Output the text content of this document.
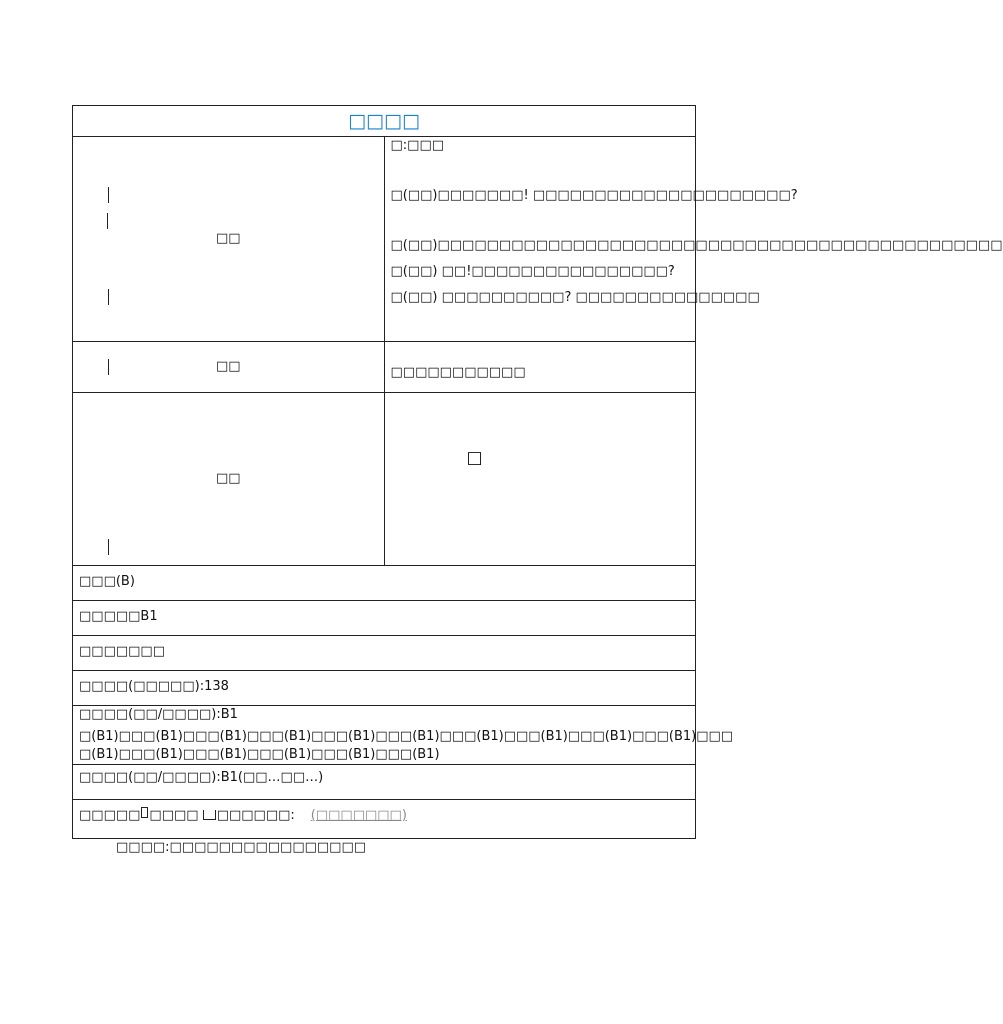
□□□□	
□□	□:□□□
□(□□)□□□□□□□! □□□□□□□□□□□□□□□□□□□□□?
□(□□)□□□□□□□□□□□□□□□□□□□□□□□□□□□□□□□□□□□□□□□□□□□□□□
□(□□) □□!□□□□□□□□□□□□□□□□?
□(□□) □□□□□□□□□□? □□□□□□□□□□□□□□□

□□	□□□□□□□□□□□

□□	□

□□□(B)	
□□□□□B1	
□□□□□□□	
□□□□(□□□□□):138	

□□□□(□□/□□□□):B1
□(B1)□□□(B1)□□□(B1)□□□(B1)□□□(B1)□□□(B1)□□□(B1)□□□(B1)□□□(B1)□□□(B1)□□□
□(B1)□□□(B1)□□□(B1)□□□(B1)□□□(B1)□□□(B1)	

□□□□(□□/□□□□):B1(□□…□□…)	
□□□□□ □□□□ □□□□□□: (□□□□□□□)	
□□□□:□□□□□□□□□□□□□□□□
